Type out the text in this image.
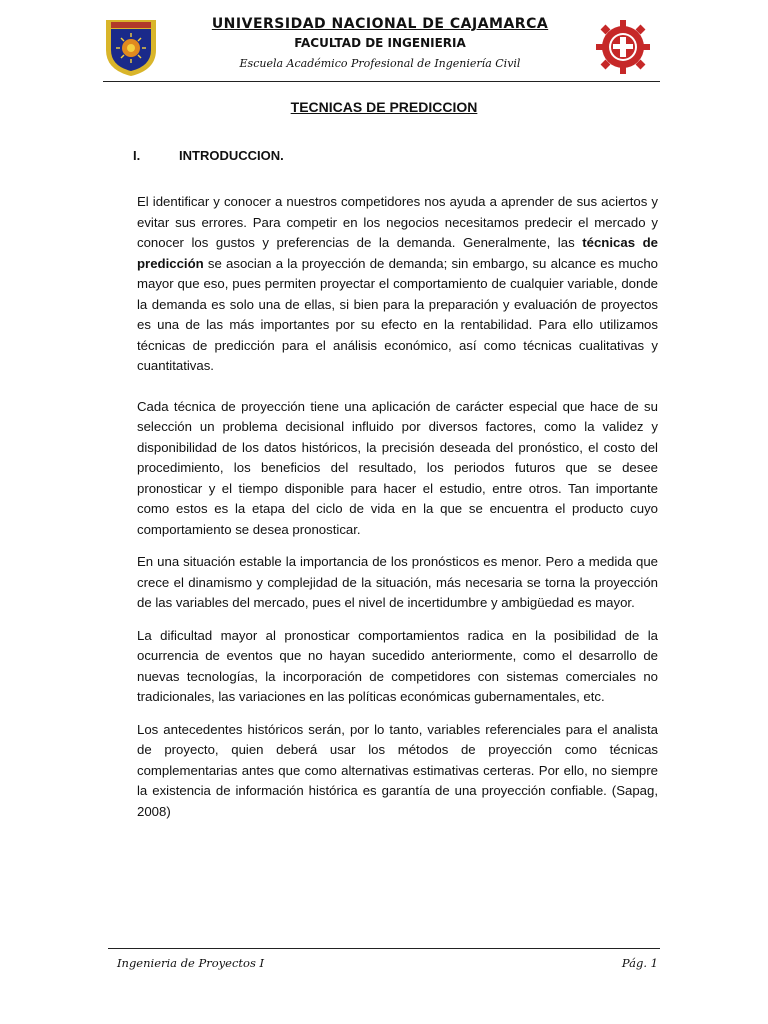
UNIVERSIDAD NACIONAL DE CAJAMARCA
FACULTAD DE INGENIERIA
Escuela Académico Profesional de Ingeniería Civil
TECNICAS DE PREDICCION
I.	INTRODUCCION.

El identificar y conocer a nuestros competidores nos ayuda a aprender de sus aciertos y evitar sus errores. Para competir en los negocios necesitamos predecir el mercado y conocer los gustos y preferencias de la demanda. Generalmente, las técnicas de predicción se asocian a la proyección de demanda; sin embargo, su alcance es mucho mayor que eso, pues permiten proyectar el comportamiento de cualquier variable, donde la demanda es solo una de ellas, si bien para la preparación y evaluación de proyectos es una de las más importantes por su efecto en la rentabilidad. Para ello utilizamos técnicas de predicción para el análisis económico, así como técnicas cualitativas y cuantitativas.

Cada técnica de proyección tiene una aplicación de carácter especial que hace de su selección un problema decisional influido por diversos factores, como la validez y disponibilidad de los datos históricos, la precisión deseada del pronóstico, el costo del procedimiento, los beneficios del resultado, los periodos futuros que se desee pronosticar y el tiempo disponible para hacer el estudio, entre otros. Tan importante como estos es la etapa del ciclo de vida en la que se encuentra el producto cuyo comportamiento se desea pronosticar.

En una situación estable la importancia de los pronósticos es menor. Pero a medida que crece el dinamismo y complejidad de la situación, más necesaria se torna la proyección de las variables del mercado, pues el nivel de incertidumbre y ambigüedad es mayor.

La dificultad mayor al pronosticar comportamientos radica en la posibilidad de la ocurrencia de eventos que no hayan sucedido anteriormente, como el desarrollo de nuevas tecnologías, la incorporación de competidores con sistemas comerciales no tradicionales, las variaciones en las políticas económicas gubernamentales, etc.

Los antecedentes históricos serán, por lo tanto, variables referenciales para el analista de proyecto, quien deberá usar los métodos de proyección como técnicas complementarias antes que como alternativas estimativas certeras. Por ello, no siempre la existencia de información histórica es garantía de una proyección confiable. (Sapag, 2008)

Ingenieria de Proyectos I	Pág. 1
